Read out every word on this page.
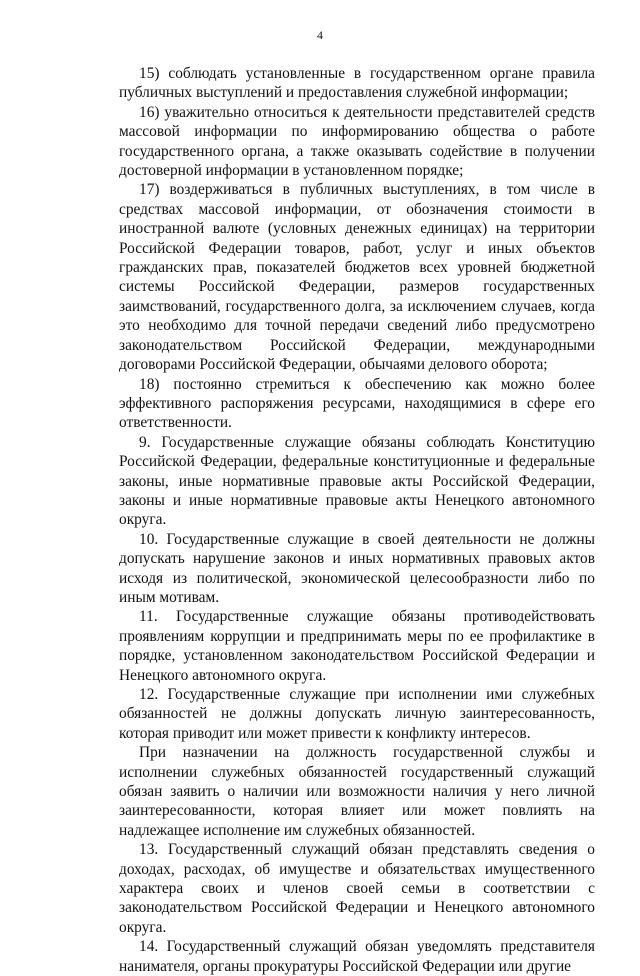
4

15) соблюдать установленные в государственном органе правила публичных выступлений и предоставления служебной информации;

16) уважительно относиться к деятельности представителей средств массовой информации по информированию общества о работе государственного органа, а также оказывать содействие в получении достоверной информации в установленном порядке;

17) воздерживаться в публичных выступлениях, в том числе в средствах массовой информации, от обозначения стоимости в иностранной валюте (условных денежных единицах) на территории Российской Федерации товаров, работ, услуг и иных объектов гражданских прав, показателей бюджетов всех уровней бюджетной системы Российской Федерации, размеров государственных заимствований, государственного долга, за исключением случаев, когда это необходимо для точной передачи сведений либо предусмотрено законодательством Российской Федерации, международными договорами Российской Федерации, обычаями делового оборота;

18) постоянно стремиться к обеспечению как можно более эффективного распоряжения ресурсами, находящимися в сфере его ответственности.

9. Государственные служащие обязаны соблюдать Конституцию Российской Федерации, федеральные конституционные и федеральные законы, иные нормативные правовые акты Российской Федерации, законы и иные нормативные правовые акты Ненецкого автономного округа.

10. Государственные служащие в своей деятельности не должны допускать нарушение законов и иных нормативных правовых актов исходя из политической, экономической целесообразности либо по иным мотивам.

11. Государственные служащие обязаны противодействовать проявлениям коррупции и предпринимать меры по ее профилактике в порядке, установленном законодательством Российской Федерации и Ненецкого автономного округа.

12. Государственные служащие при исполнении ими служебных обязанностей не должны допускать личную заинтересованность, которая приводит или может привести к конфликту интересов.

При назначении на должность государственной службы и исполнении служебных обязанностей государственный служащий обязан заявить о наличии или возможности наличия у него личной заинтересованности, которая влияет или может повлиять на надлежащее исполнение им служебных обязанностей.

13. Государственный служащий обязан представлять сведения о доходах, расходах, об имуществе и обязательствах имущественного характера своих и членов своей семьи в соответствии с законодательством Российской Федерации и Ненецкого автономного округа.

14. Государственный служащий обязан уведомлять представителя нанимателя, органы прокуратуры Российской Федерации или другие
